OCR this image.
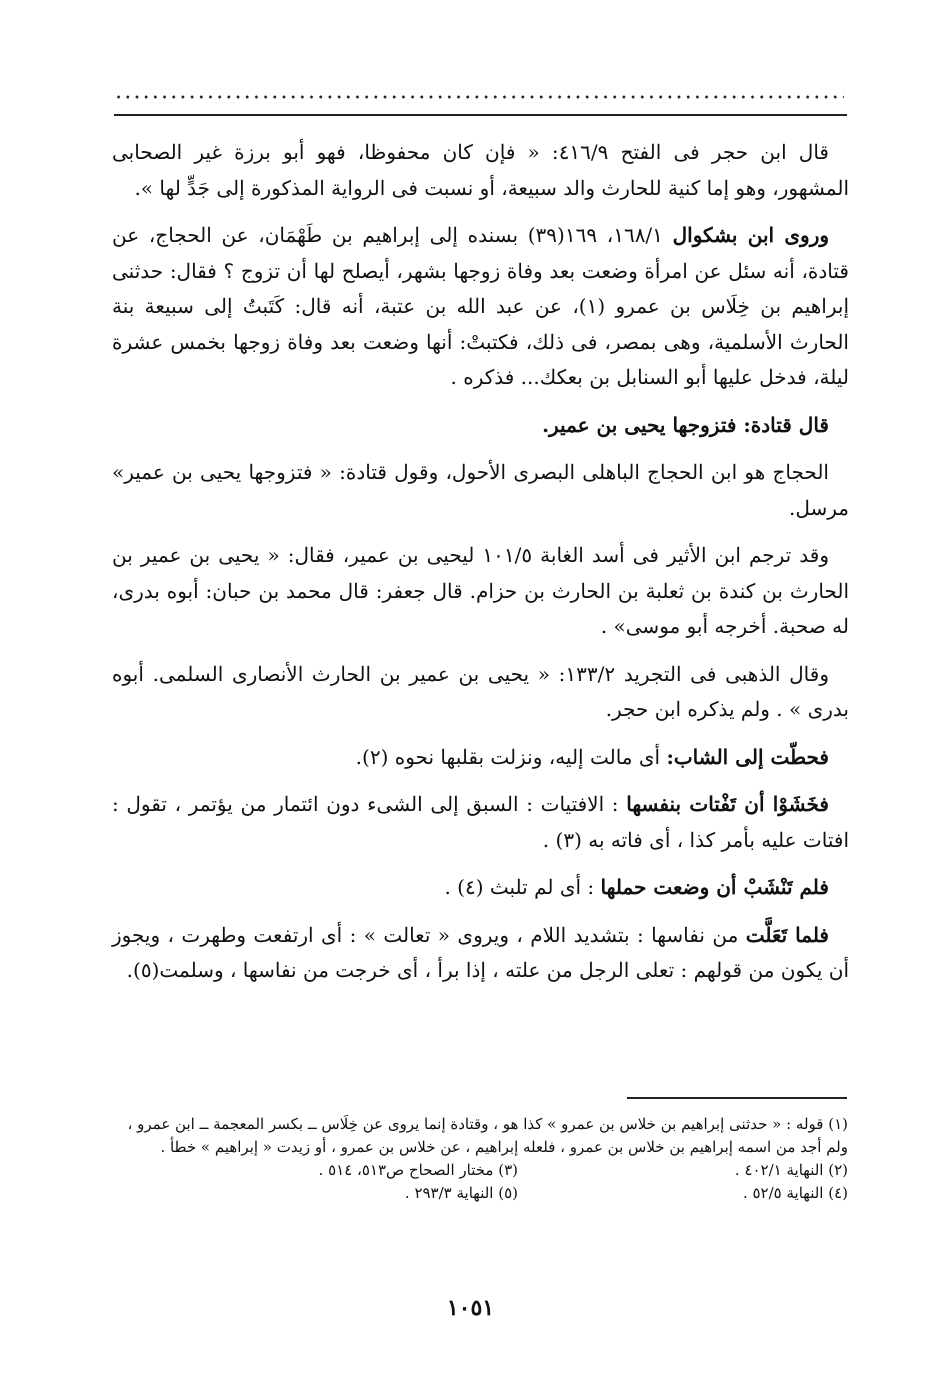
قال ابن حجر فى الفتح ٤١٦/٩: « فإن كان محفوظا، فهو أبو برزة غير الصحابى المشهور، وهو إما كنية للحارث والد سبيعة، أو نسبت فى الرواية المذكورة إلى جَدٍّ لها ».

وروى ابن بشكوال ١٦٨/١، ١٦٩(٣٩) بسنده إلى إبراهيم بن طَهْمَان، عن الحجاج، عن قتادة، أنه سئل عن امرأة وضعت بعد وفاة زوجها بشهر، أيصلح لها أن تزوج ؟ فقال: حدثنى إبراهيم بن خِلَاس بن عمرو (١)، عن عبد الله بن عتبة، أنه قال: كَتَبتُ إلى سبيعة بنة الحارث الأسلمية، وهى بمصر، فى ذلك، فكتبتْ: أنها وضعت بعد وفاة زوجها بخمس عشرة ليلة، فدخل عليها أبو السنابل بن بعكك... فذكره .

قال قتادة: فتزوجها يحيى بن عمير.

الحجاج هو ابن الحجاج الباهلى البصرى الأحول، وقول قتادة: « فتزوجها يحيى بن عمير» مرسل.

وقد ترجم ابن الأثير فى أسد الغابة ١٠١/٥ ليحيى بن عمير، فقال: « يحيى بن عمير بن الحارث بن كندة بن ثعلبة بن الحارث بن حزام. قال جعفر: قال محمد بن حبان: أبوه بدرى، له صحبة. أخرجه أبو موسى» .

وقال الذهبى فى التجريد ١٣٣/٢: « يحيى بن عمير بن الحارث الأنصارى السلمى. أبوه بدرى » . ولم يذكره ابن حجر.

فحطّت إلى الشاب: أى مالت إليه، ونزلت بقلبها نحوه (٢).

فخَشَوْا أن تَفْتات بنفسها : الافتيات : السبق إلى الشىء دون ائتمار من يؤتمر ، تقول : افتات عليه بأمر كذا ، أى فاته به (٣) .

فلم تَنْشَبْ أن وضعت حملها : أى لم تلبث (٤) .

فلما تَعَلَّت من نفاسها : بتشديد اللام ، ويروى « تعالت » : أى ارتفعت وطهرت ، ويجوز أن يكون من قولهم : تعلى الرجل من علته ، إذا برأ ، أى خرجت من نفاسها ، وسلمت(٥).

(١) قوله : « حدثنى إبراهيم بن خلاس بن عمرو » كذا هو ، وقتادة إنما يروى عن خِلَاس ــ بكسر المعجمة ــ ابن عمرو ،

ولم أجد من اسمه إبراهيم بن خلاس بن عمرو ، فلعله إبراهيم ، عن خلاس بن عمرو ، أو زيدت « إبراهيم » خطأ .

(٢) النهاية ٤٠٢/١ .
(٣) مختار الصحاح ص٥١٣، ٥١٤ .
(٤) النهاية ٥٢/٥ .
(٥) النهاية ٢٩٣/٣ .
١٠٥١
